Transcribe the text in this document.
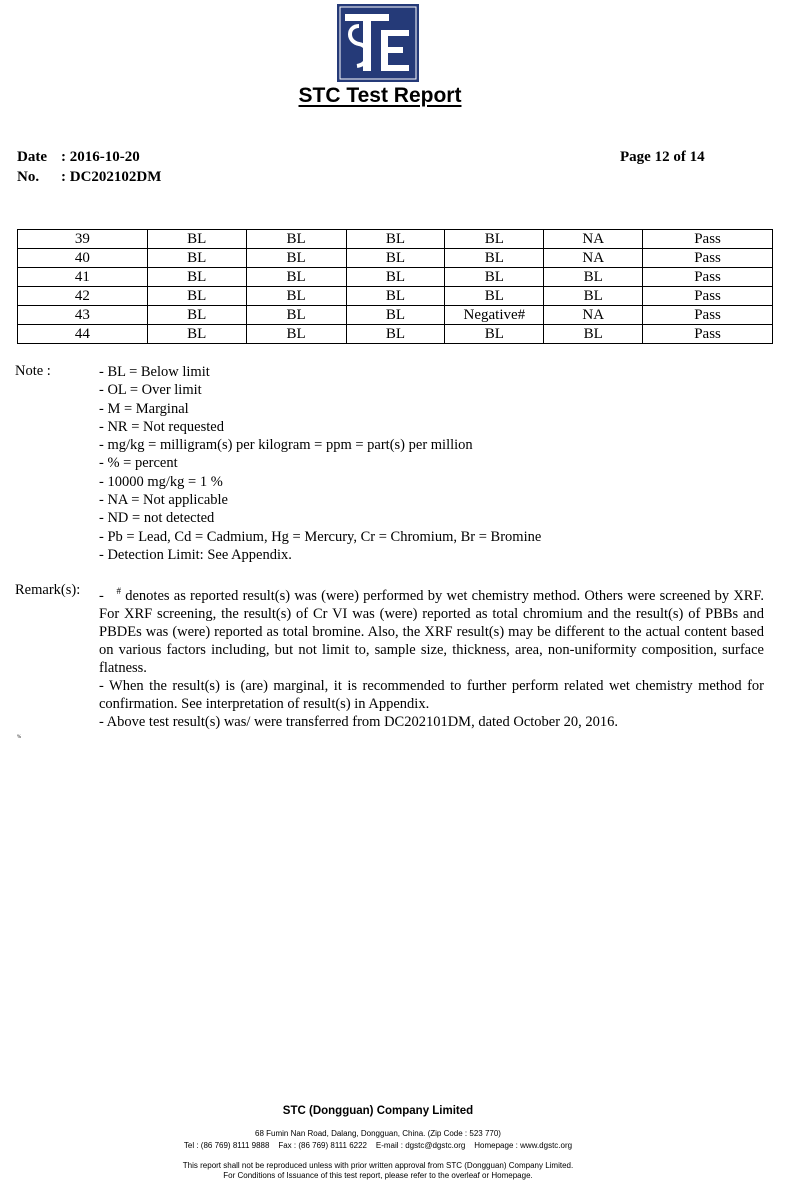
STC Test Report
Date : 2016-10-20	Page 12 of 14
No. : DC202102DM
39	BL	BL	BL	BL	NA	Pass
40	BL	BL	BL	BL	NA	Pass
41	BL	BL	BL	BL	BL	Pass
42	BL	BL	BL	BL	BL	Pass
43	BL	BL	BL	Negative#	NA	Pass
44	BL	BL	BL	BL	BL	Pass
Note :	- BL = Below limit
- OL = Over limit
- M = Marginal
- NR = Not requested
- mg/kg = milligram(s) per kilogram = ppm = part(s) per million
- % = percent
- 10000 mg/kg = 1 %
- NA = Not applicable
- ND = not detected
- Pb = Lead, Cd = Cadmium, Hg = Mercury, Cr = Chromium, Br = Bromine
- Detection Limit: See Appendix.
Remark(s): - # denotes as reported result(s) was (were) performed by wet chemistry method. Others were screened by XRF. For XRF screening, the result(s) of Cr VI was (were) reported as total chromium and the result(s) of PBBs and PBDEs was (were) reported as total bromine. Also, the XRF result(s) may be different to the actual content based on various factors including, but not limit to, sample size, thickness, area, non-uniformity composition, surface flatness.

- When the result(s) is (are) marginal, it is recommended to further perform related wet chemistry method for confirmation. See interpretation of result(s) in Appendix.

- Above test result(s) was/ were transferred from DC202101DM, dated October 20, 2016.

%
STC (Dongguan) Company Limited
68 Fumin Nan Road, Dalang, Dongguan, China. (Zip Code : 523 770)
Tel : (86 769) 8111 9888    Fax : (86 769) 8111 6222    E-mail : dgstc@dgstc.org    Homepage : www.dgstc.org
This report shall not be reproduced unless with prior written approval from STC (Dongguan) Company Limited.
For Conditions of Issuance of this test report, please refer to the overleaf or Homepage.
